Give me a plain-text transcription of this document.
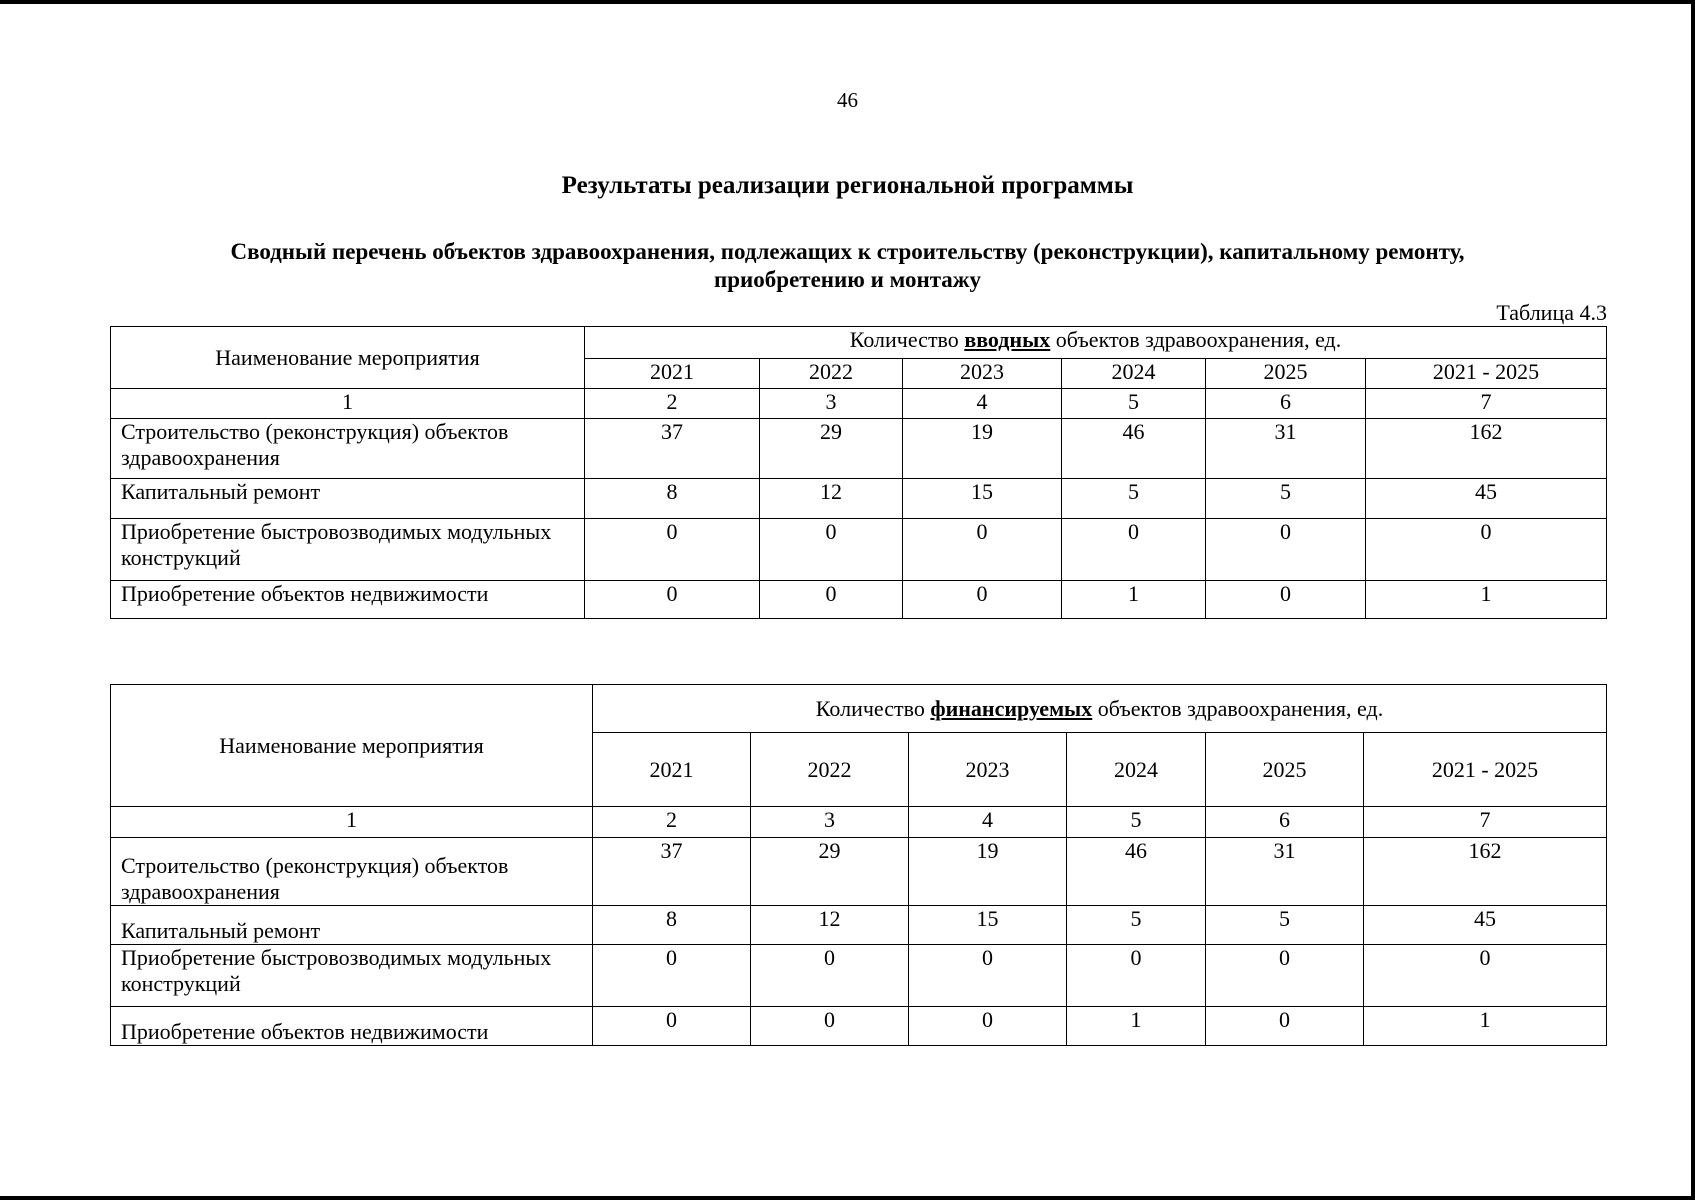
46
Результаты реализации региональной программы
Сводный перечень объектов здравоохранения, подлежащих к строительству (реконструкции), капитальному ремонту, приобретению и монтажу
Таблица 4.3
Наименование мероприятия	Количество вводных объектов здравоохранения, ед.					
	2021	2022	2023	2024	2025	2021 - 2025
1	2	3	4	5	6	7
Строительство (реконструкция) объектов здравоохранения	37	29	19	46	31	162
Капитальный ремонт	8	12	15	5	5	45
Приобретение быстровозводимых модульных конструкций	0	0	0	0	0	0
Приобретение объектов недвижимости	0	0	0	1	0	1
Наименование мероприятия	Количество финансируемых объектов здравоохранения, ед.					
	2021	2022	2023	2024	2025	2021 - 2025
1	2	3	4	5	6	7
Строительство (реконструкция) объектов здравоохранения	37	29	19	46	31	162
Капитальный ремонт	8	12	15	5	5	45
Приобретение быстровозводимых модульных конструкций	0	0	0	0	0	0
Приобретение объектов недвижимости	0	0	0	1	0	1
